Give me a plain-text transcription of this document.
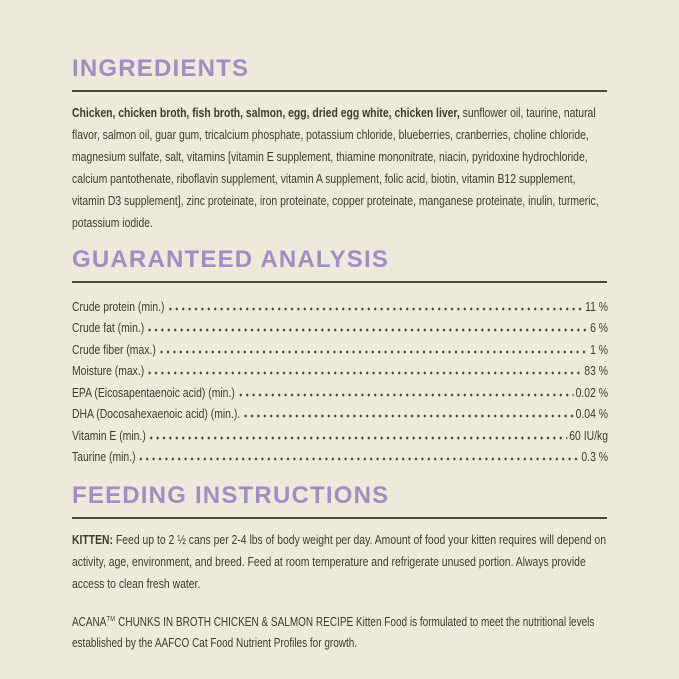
INGREDIENTS

Chicken, chicken broth, fish broth, salmon, egg, dried egg white, chicken liver, sunflower oil, taurine, natural flavor, salmon oil, guar gum, tricalcium phosphate, potassium chloride, blueberries, cranberries, choline chloride, magnesium sulfate, salt, vitamins [vitamin E supplement, thiamine mononitrate, niacin, pyridoxine hydrochloride, calcium pantothenate, riboflavin supplement, vitamin A supplement, folic acid, biotin, vitamin B12 supplement, vitamin D3 supplement], zinc proteinate, iron proteinate, copper proteinate, manganese proteinate, inulin, turmeric, potassium iodide.

GUARANTEED ANALYSIS
Crude protein (min.)	11 %
Crude fat (min.)	6 %
Crude fiber (max.)	1 %
Moisture (max.)	83 %
EPA (Eicosapentaenoic acid) (min.)	0.02 %
DHA (Docosahexaenoic acid) (min.).	0.04 %
Vitamin E (min.)	60 IU/kg
Taurine (min.)	0.3 %
FEEDING INSTRUCTIONS

KITTEN: Feed up to 2 ½ cans per 2-4 lbs of body weight per day. Amount of food your kitten requires will depend on activity, age, environment, and breed. Feed at room temperature and refrigerate unused portion. Always provide access to clean fresh water.

ACANA™ CHUNKS IN BROTH CHICKEN & SALMON RECIPE Kitten Food is formulated to meet the nutritional levels established by the AAFCO Cat Food Nutrient Profiles for growth.
